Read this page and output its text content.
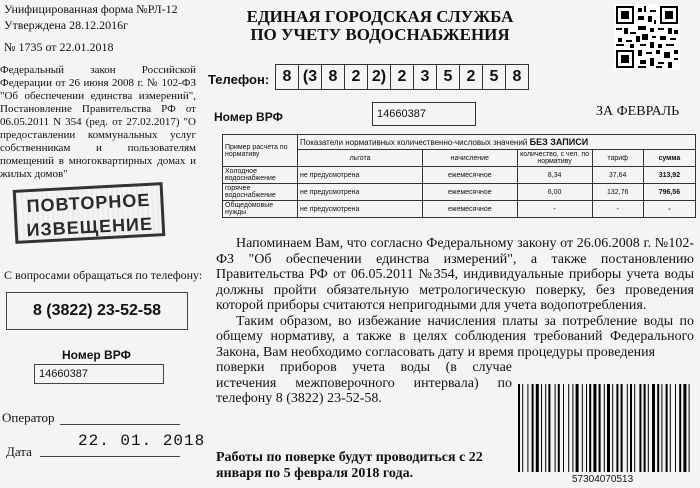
Унифицированная форма №РЛ-12
Утверждена 28.12.2016г
№ 1735 от 22.01.2018
Федеральный закон Российской Федерации от 26 июня 2008 г. № 102-ФЗ "Об обеспечении единства измерений", Постановление Правительства РФ от 06.05.2011 N 354 (ред. от 27.02.2017) "О предоставлении коммунальных услуг собственникам и пользователям помещений в многоквартирных домах и жилых домов"
ПОВТОРНОЕ
ИЗВЕЩЕНИЕ
С вопросами обращаться по телефону:
8 (3822) 23-52-58
Номер ВРФ
14660387
Оператор
Дата
22. 01. 2018
ЕДИНАЯ ГОРОДСКАЯ СЛУЖБА
ПО УЧЕТУ ВОДОСНАБЖЕНИЯ
Телефон: 8 (3 8 2 2) 2 3 5 2 5 8
Номер ВРФ	14660387	ЗА ФЕВРАЛЬ
Пример расчета по нормативу	Показатели нормативных количественно-числовых значений БЕЗ ЗАПИСИ				
	льгота	начисление	количество, с чел. по нормативу	тариф	сумма
Холодное водоснабжение	не предусмотрена	ежемесячное	8,34	37,64	313,92
горячее водоснабжение	не предусмотрена	ежемесячное	6,00	132,76	796,56
Общедомовые нужды	не предусмотрена	ежемесячное	-	-	-

Напоминаем Вам, что согласно Федеральному закону от 26.06.2008 г. №102-ФЗ "Об обеспечении единства измерений", а также постановлению Правительства РФ от 06.05.2011 №354, индивидуальные приборы учета воды должны пройти обязательную метрологическую поверку, без проведения которой приборы считаются непригодными для учета водопотребления.

Таким образом, во избежание начисления платы за потребление воды по общему нормативу, а также в целях соблюдения требований Федерального Закона, Вам необходимо согласовать дату и время процедуры проведения

поверки приборов учета воды (в случае истечения межповерочного интервала) по телефону 8 (3822) 23-52-58.

57304070513
Работы по поверке будут проводиться с 22 января по 5 февраля 2018 года.
